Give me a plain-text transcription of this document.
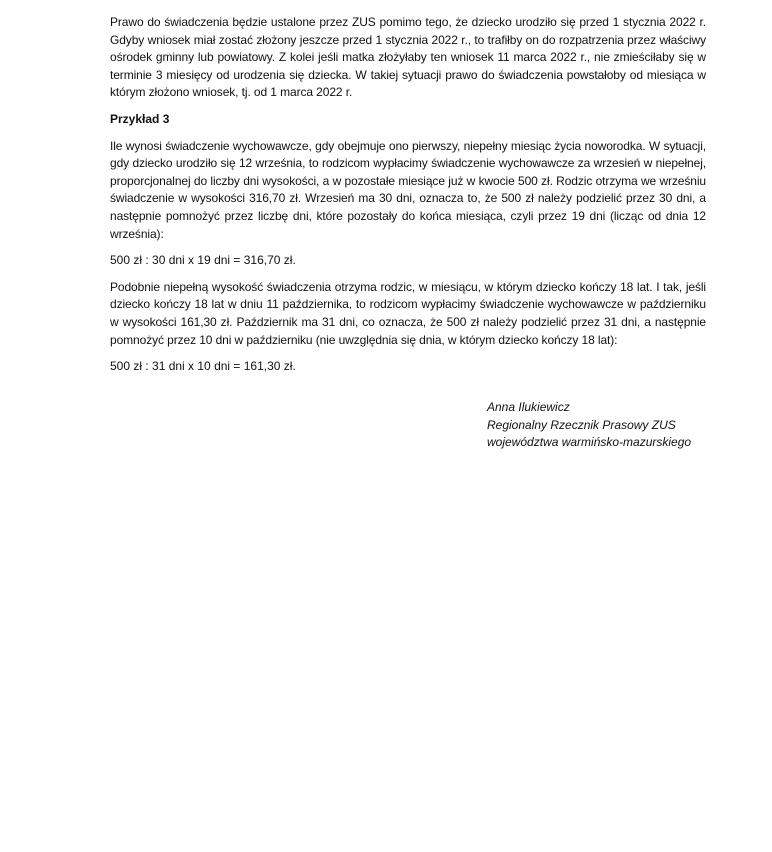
Prawo do świadczenia będzie ustalone przez ZUS pomimo tego, że dziecko urodziło się przed 1 stycznia 2022 r. Gdyby wniosek miał zostać złożony jeszcze przed 1 stycznia 2022 r., to trafiłby on do rozpatrzenia przez właściwy ośrodek gminny lub powiatowy. Z kolei jeśli matka złożyłaby ten wniosek 11 marca 2022 r., nie zmieściłaby się w terminie 3 miesięcy od urodzenia się dziecka. W takiej sytuacji prawo do świadczenia powstałoby od miesiąca w którym złożono wniosek, tj. od 1 marca 2022 r.

Przykład 3

Ile wynosi świadczenie wychowawcze, gdy obejmuje ono pierwszy, niepełny miesiąc życia noworodka. W sytuacji, gdy dziecko urodziło się 12 września, to rodzicom wypłacimy świadczenie wychowawcze za wrzesień w niepełnej, proporcjonalnej do liczby dni wysokości, a w pozostałe miesiące już w kwocie 500 zł. Rodzic otrzyma we wrześniu świadczenie w wysokości 316,70 zł. Wrzesień ma 30 dni, oznacza to, że 500 zł należy podzielić przez 30 dni, a następnie pomnożyć przez liczbę dni, które pozostały do końca miesiąca, czyli przez 19 dni (licząc od dnia 12 września):

500 zł : 30 dni x 19 dni = 316,70 zł.

Podobnie niepełną wysokość świadczenia otrzyma rodzic, w miesiącu, w którym dziecko kończy 18 lat. I tak, jeśli dziecko kończy 18 lat w dniu 11 października, to rodzicom wypłacimy świadczenie wychowawcze w październiku w wysokości 161,30 zł. Październik ma 31 dni, co oznacza, że 500 zł należy podzielić przez 31 dni, a następnie pomnożyć przez 10 dni w październiku (nie uwzględnia się dnia, w którym dziecko kończy 18 lat):

500 zł : 31 dni x 10 dni = 161,30 zł.

Anna Ilukiewicz
Regionalny Rzecznik Prasowy ZUS
województwa warmińsko-mazurskiego
